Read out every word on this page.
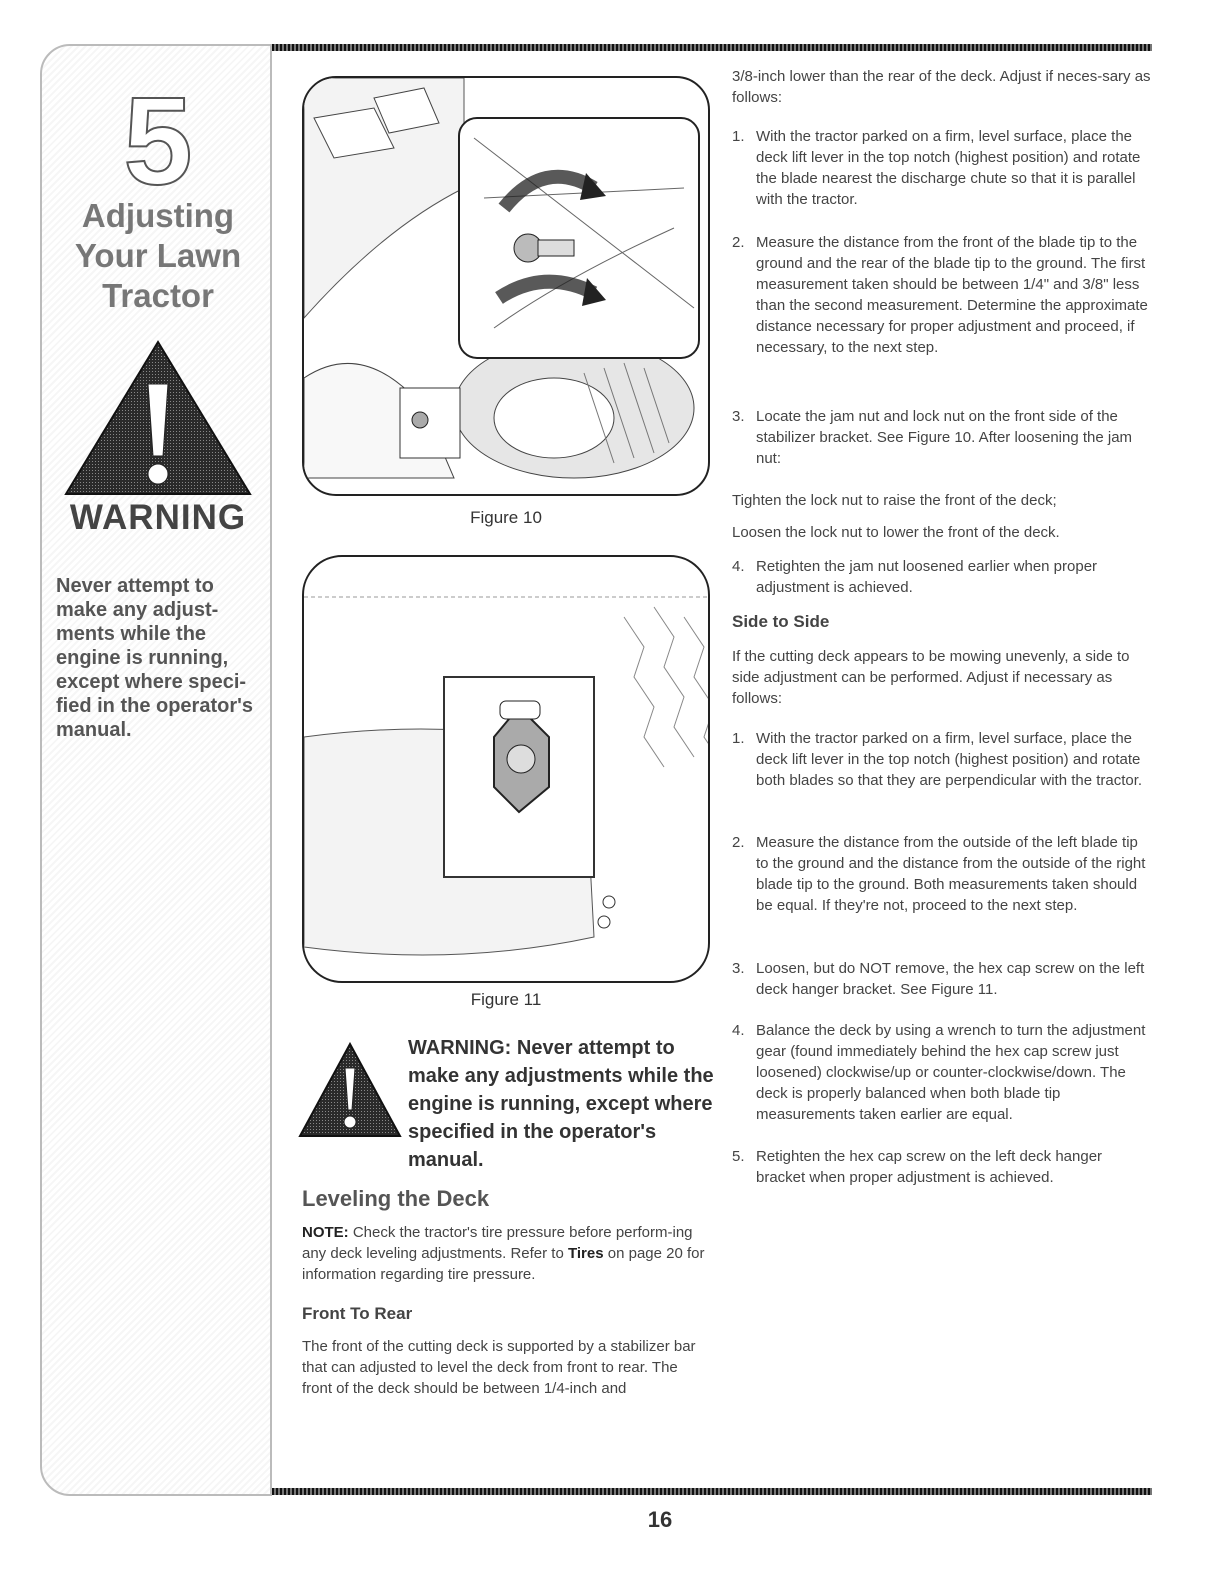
5
Adjusting
Your Lawn
Tractor
WARNING
Never attempt to make any adjust-ments while the engine is running, except where speci-fied in the operator's manual.
Figure 10
Figure 11
WARNING: Never attempt to make any adjustments while the engine is running, except where specified in the operator's manual.
Leveling the Deck

NOTE: Check the tractor's tire pressure before perform-ing any deck leveling adjustments. Refer to Tires on page 20 for information regarding tire pressure.

Front To Rear

The front of the cutting deck is supported by a stabilizer bar that can adjusted to level the deck from front to rear. The front of the deck should be between 1/4-inch and

3/8-inch lower than the rear of the deck. Adjust if neces-sary as follows:

1. With the tractor parked on a firm, level surface, place the deck lift lever in the top notch (highest position) and rotate the blade nearest the discharge chute so that it is parallel with the tractor.
2. Measure the distance from the front of the blade tip to the ground and the rear of the blade tip to the ground. The first measurement taken should be between 1/4" and 3/8" less than the second measurement. Determine the approximate distance necessary for proper adjustment and proceed, if necessary, to the next step.
3. Locate the jam nut and lock nut on the front side of the stabilizer bracket. See Figure 10. After loosening the jam nut:

Tighten the lock nut to raise the front of the deck;

Loosen the lock nut to lower the front of the deck.

4. Retighten the jam nut loosened earlier when proper adjustment is achieved.
Side to Side

If the cutting deck appears to be mowing unevenly, a side to side adjustment can be performed. Adjust if necessary as follows:

1. With the tractor parked on a firm, level surface, place the deck lift lever in the top notch (highest position) and rotate both blades so that they are perpendicular with the tractor.
2. Measure the distance from the outside of the left blade tip to the ground and the distance from the outside of the right blade tip to the ground. Both measurements taken should be equal. If they're not, proceed to the next step.
3. Loosen, but do NOT remove, the hex cap screw on the left deck hanger bracket. See Figure 11.
4. Balance the deck by using a wrench to turn the adjustment gear (found immediately behind the hex cap screw just loosened) clockwise/up or counter-clockwise/down. The deck is properly balanced when both blade tip measurements taken earlier are equal.
5. Retighten the hex cap screw on the left deck hanger bracket when proper adjustment is achieved.
16
